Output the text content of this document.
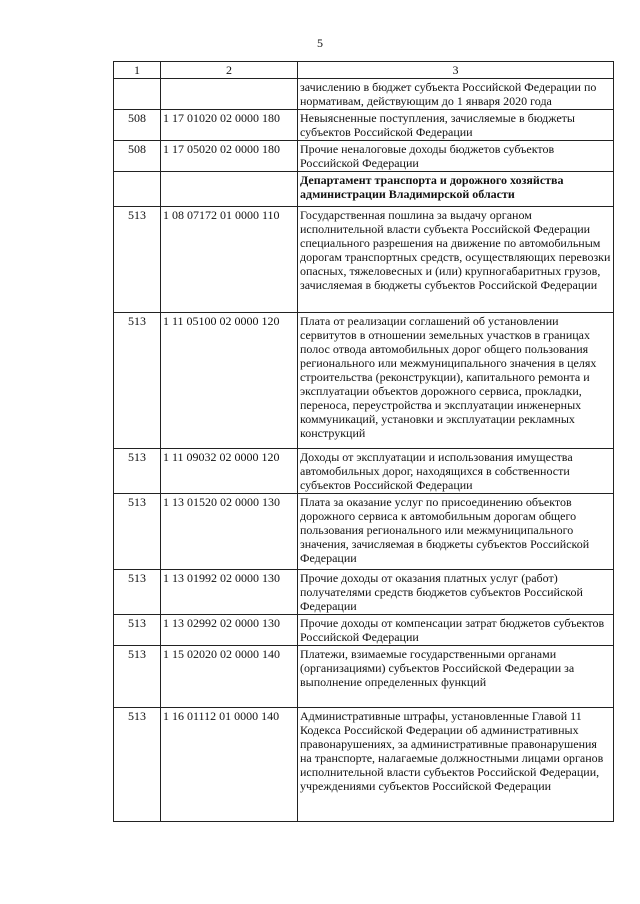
5
1	2	3
		зачислению в бюджет субъекта Российской Федерации по нормативам, действующим до 1 января 2020 года
508	1 17 01020 02 0000 180	Невыясненные поступления, зачисляемые в бюджеты субъектов Российской Федерации
508	1 17 05020 02 0000 180	Прочие неналоговые доходы бюджетов субъектов Российской Федерации
		Департамент транспорта и дорожного хозяйства администрации Владимирской области
513	1 08 07172 01 0000 110	Государственная пошлина за выдачу органом исполнительной власти субъекта Российской Федерации специального разрешения на движение по автомобильным дорогам транспортных средств, осуществляющих перевозки опасных, тяжеловесных и (или) крупногабаритных грузов, зачисляемая в бюджеты субъектов Российской Федерации
513	1 11 05100 02 0000 120	Плата от реализации соглашений об установлении сервитутов в отношении земельных участков в границах полос отвода автомобильных дорог общего пользования регионального или межмуниципального значения в целях строительства (реконструкции), капитального ремонта и эксплуатации объектов дорожного сервиса, прокладки, переноса, переустройства и эксплуатации инженерных коммуникаций, установки и эксплуатации рекламных конструкций
513	1 11 09032 02 0000 120	Доходы от эксплуатации и использования имущества автомобильных дорог, находящихся в собственности субъектов Российской Федерации
513	1 13 01520 02 0000 130	Плата за оказание услуг по присоединению объектов дорожного сервиса к автомобильным дорогам общего пользования регионального или межмуниципального значения, зачисляемая в бюджеты субъектов Российской Федерации
513	1 13 01992 02 0000 130	Прочие доходы от оказания платных услуг (работ) получателями средств бюджетов субъектов Российской Федерации
513	1 13 02992 02 0000 130	Прочие доходы от компенсации затрат бюджетов субъектов Российской Федерации
513	1 15 02020 02 0000 140	Платежи, взимаемые государственными органами (организациями) субъектов Российской Федерации за выполнение определенных функций
513	1 16 01112 01 0000 140	Административные штрафы, установленные Главой 11 Кодекса Российской Федерации об административных правонарушениях, за административные правонарушения на транспорте, налагаемые должностными лицами органов исполнительной власти субъектов Российской Федерации, учреждениями субъектов Российской Федерации
